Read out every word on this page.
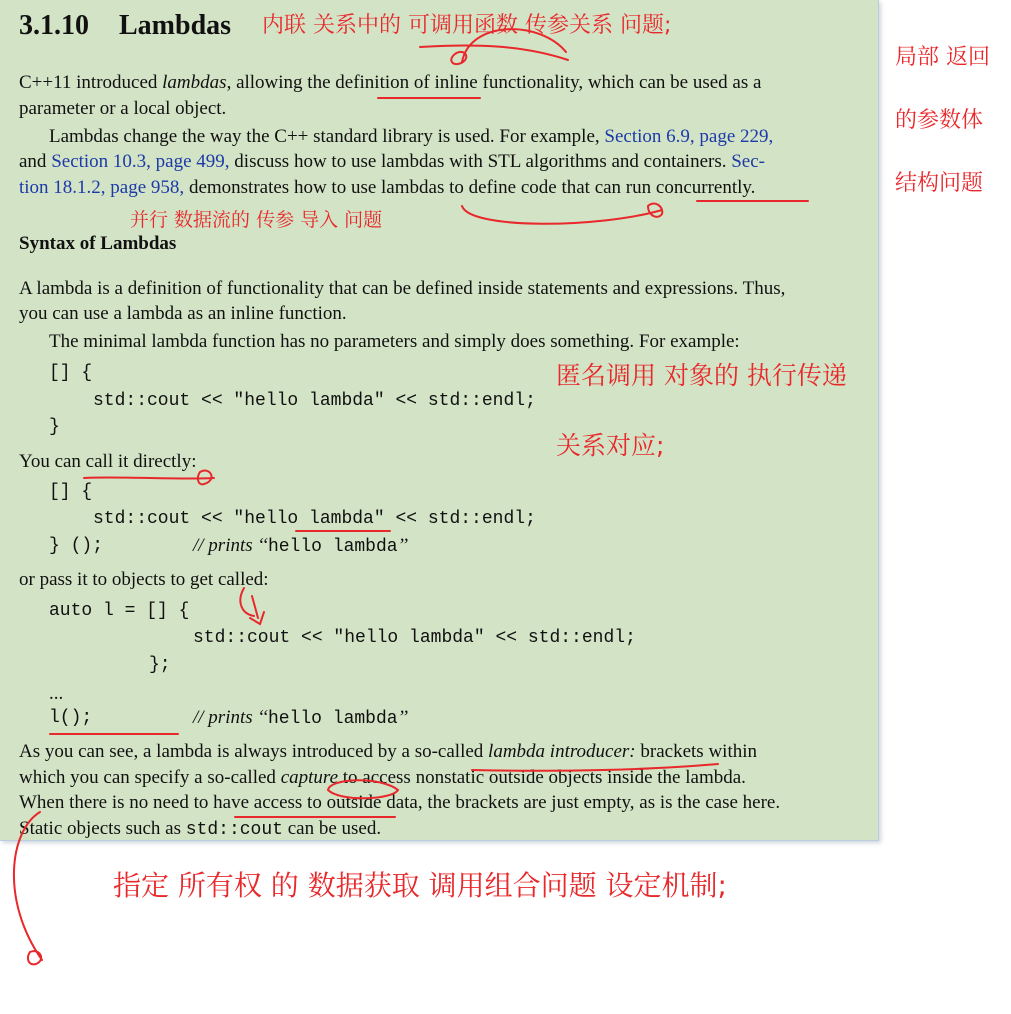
3.1.10 Lambdas
C++11 introduced lambdas, allowing the definition of inline functionality, which can be used as a
parameter or a local object.
Lambdas change the way the C++ standard library is used. For example, Section 6.9, page 229,
and Section 10.3, page 499, discuss how to use lambdas with STL algorithms and containers. Sec-
tion 18.1.2, page 958, demonstrates how to use lambdas to define code that can run concurrently.
Syntax of Lambdas
A lambda is a definition of functionality that can be defined inside statements and expressions. Thus,
you can use a lambda as an inline function.
The minimal lambda function has no parameters and simply does something. For example:
[] {
std::cout << "hello lambda" << std::endl;
}
You can call it directly:
[] {
std::cout << "hello lambda" << std::endl;
} ();	// prints ‘‘hello lambda’’
or pass it to objects to get called:
auto l = [] {
std::cout << "hello lambda" << std::endl;
};
...
l();	// prints ‘‘hello lambda’’
As you can see, a lambda is always introduced by a so-called lambda introducer: brackets within
which you can specify a so-called capture to access nonstatic outside objects inside the lambda.
When there is no need to have access to outside data, the brackets are just empty, as is the case here.
Static objects such as std::cout can be used.
内联 关系中的 可调用函数 传参关系 问题;
局部 返回
的参数体
结构问题
并行 数据流的 传参 导入 问题
匿名调用 对象的 执行传递
关系对应;
指定 所有权 的 数据获取 调用组合问题 设定机制;
